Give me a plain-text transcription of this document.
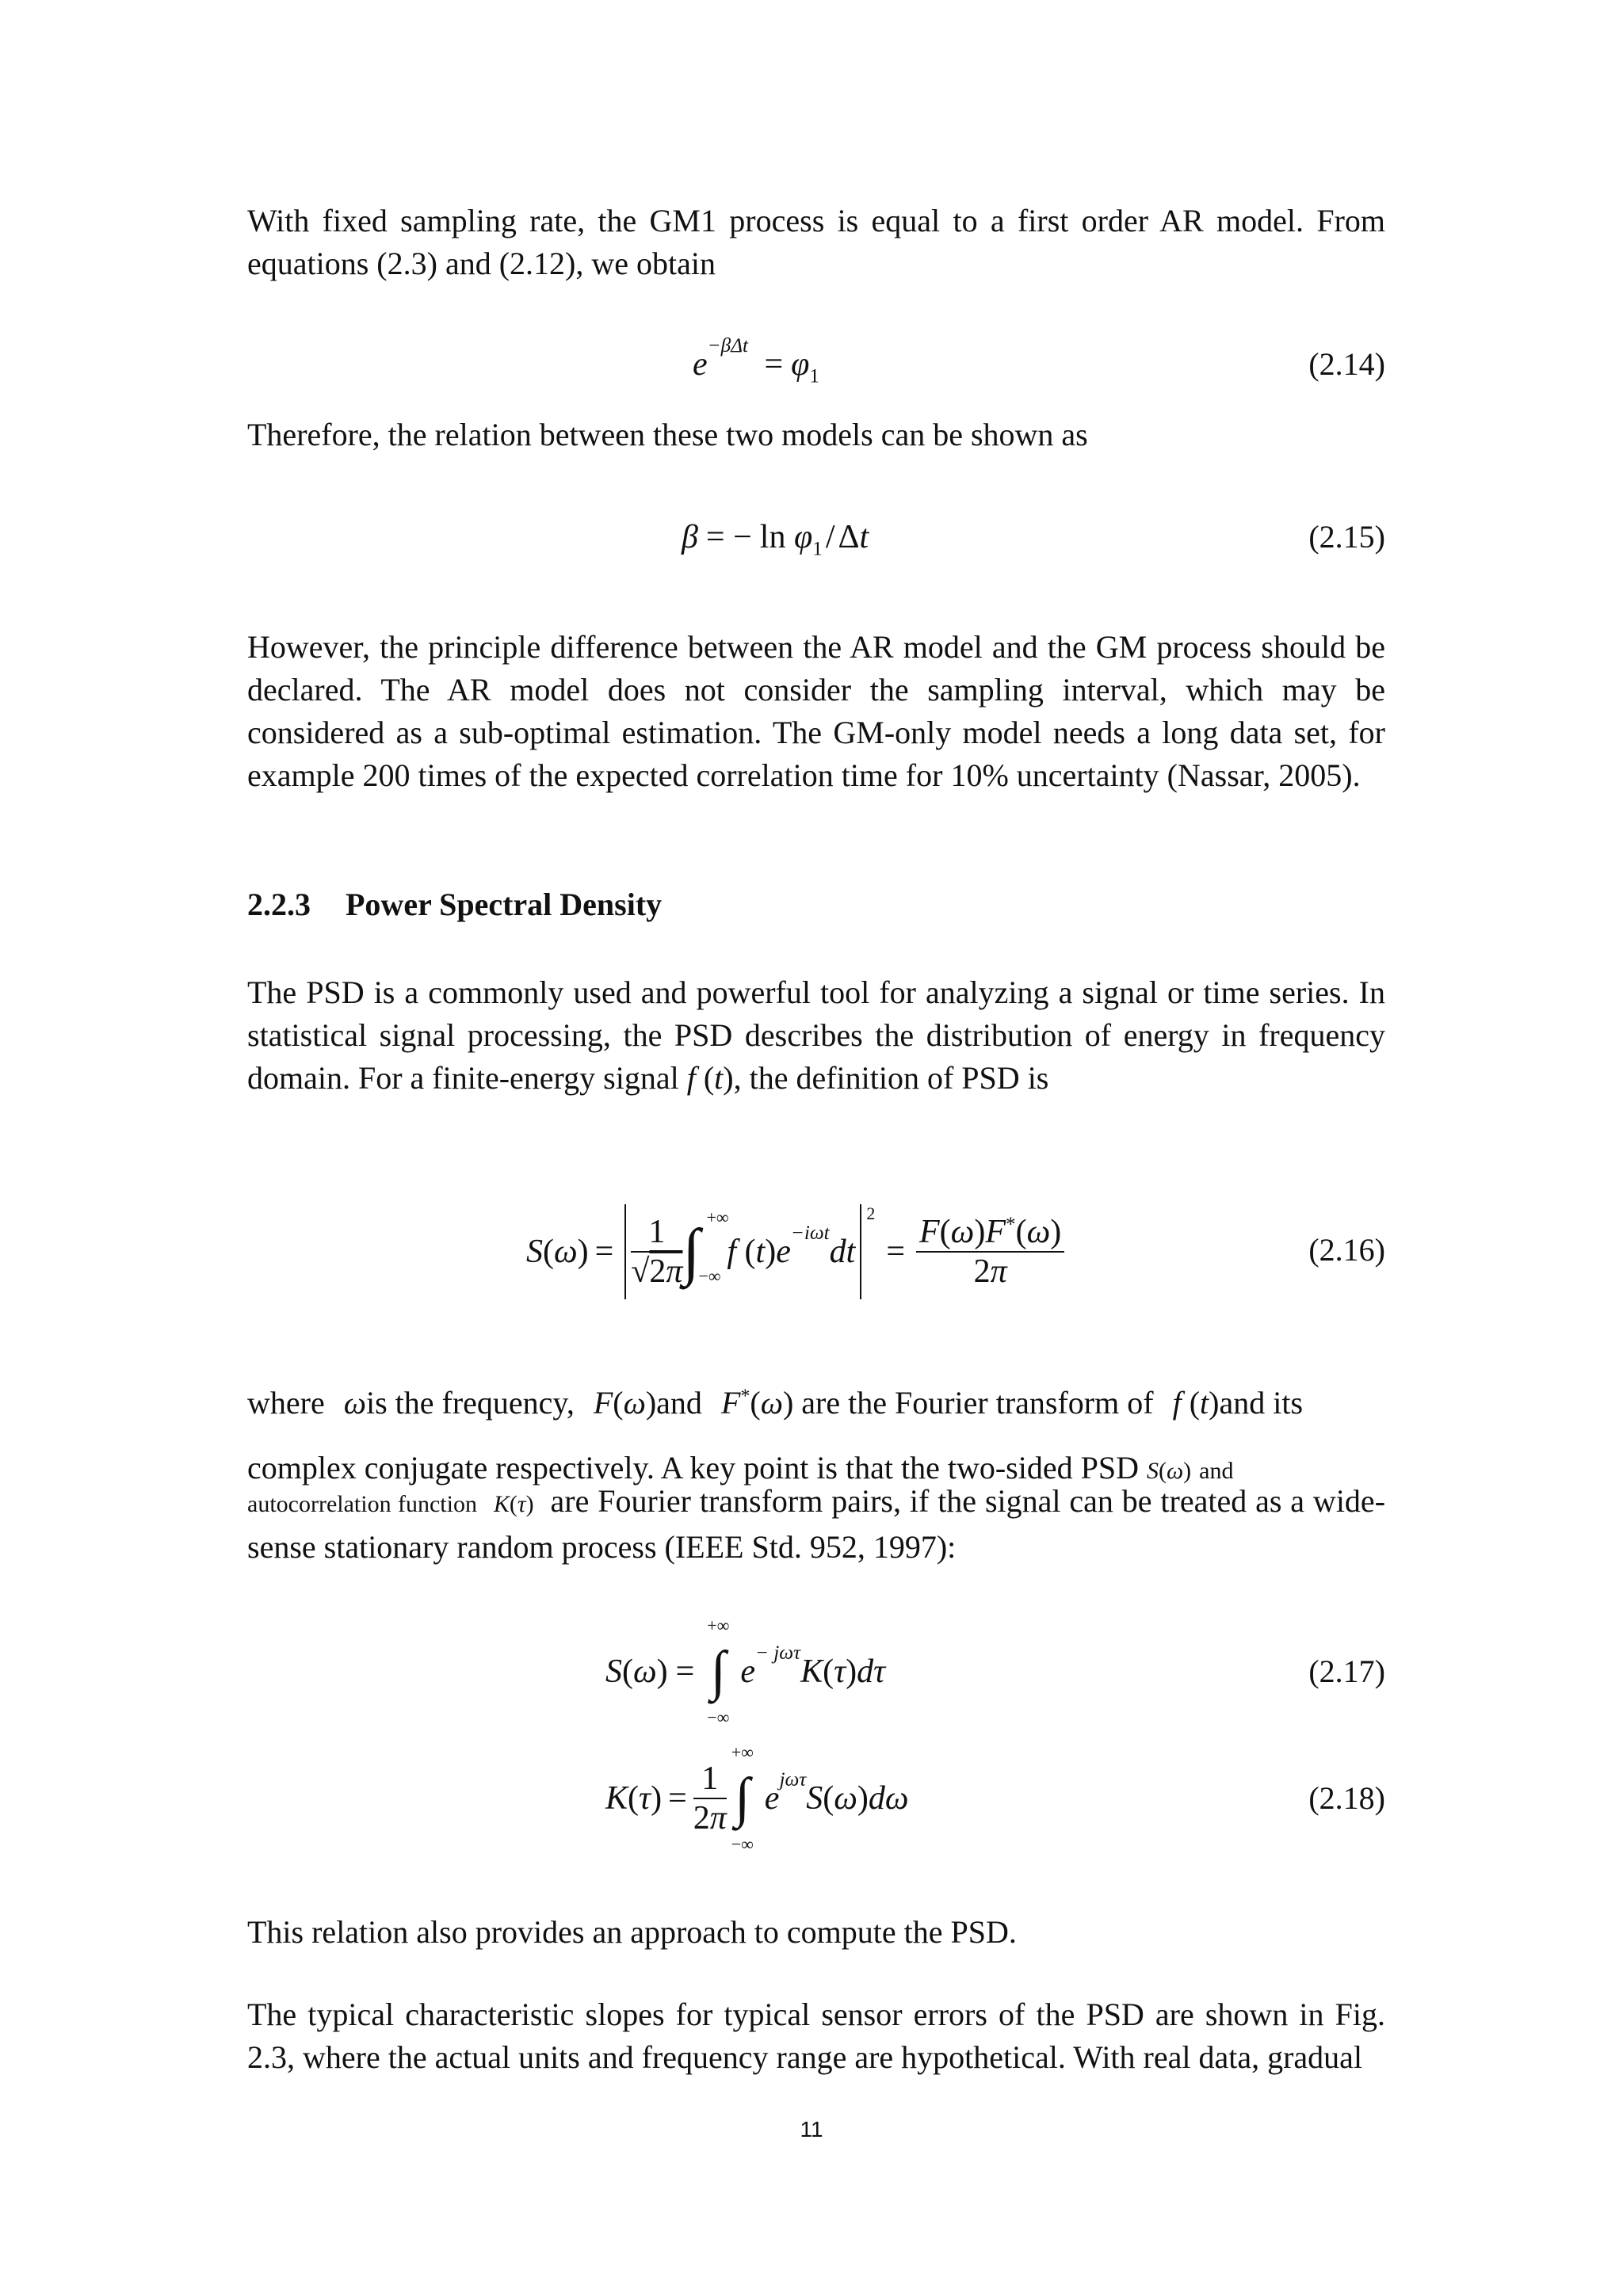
With fixed sampling rate, the GM1 process is equal to a first order AR model. From equations (2.3) and (2.12), we obtain

$e^{-\beta\Delta t} = \varphi_1$	(2.14)

Therefore, the relation between these two models can be shown as

β = − $\ln \varphi_1/\Delta t$	(2.15)

However, the principle difference between the AR model and the GM process should be declared. The AR model does not consider the sampling interval, which may be considered as a sub-optimal estimation. The GM-only model needs a long data set, for example 200 times of the expected correlation time for 10% uncertainty (Nassar, 2005).

2.2.3 Power Spectral Density

The PSD is a commonly used and powerful tool for analyzing a signal or time series. In statistical signal processing, the PSD describes the distribution of energy in frequency domain. For a finite-energy signal f (t), the definition of PSD is

S ( ω ) = $\frac{1}{√2\pi}$ ∫ +∞
−∞
f $(t)e^{-i\omega t}dt$
$^2$
= $\frac{F(\omega)F^*(\omega)}{2\pi}$	(2.16)
where ωis the frequency, F(ω)and F*(ω) are the Fourier transform of f (t)and its
complex conjugate respectively. A key point is that the two-sided PSD S(ω) and
autocorrelation function K(τ) are Fourier transform pairs, if the signal can be treated as a wide-sense stationary random process (IEEE Std. 952, 1997):
S ( ω ) = ∫
+∞
−∞
$e^{- j\omega\tau}K(\tau)d\tau$	(2.17)
K ( τ ) = $\frac{1}{2\pi}$ ∫
+∞
−∞
$e^{j\omega\tau}S(\omega)d\omega$	(2.18)

This relation also provides an approach to compute the PSD.

The typical characteristic slopes for typical sensor errors of the PSD are shown in Fig. 2.3, where the actual units and frequency range are hypothetical. With real data, gradual

11
